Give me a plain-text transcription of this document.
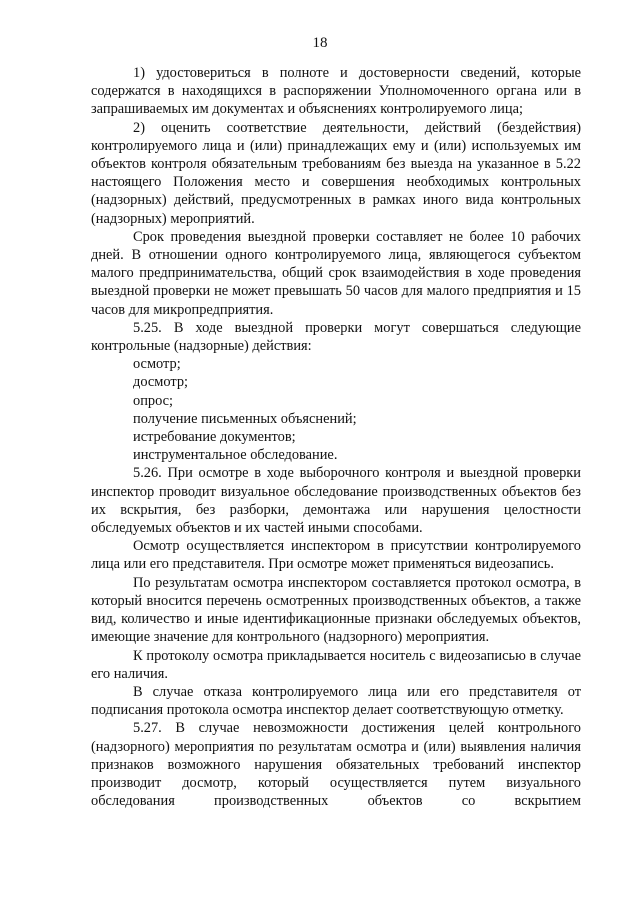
18

1) удостовериться в полноте и достоверности сведений, которые содержатся в находящихся в распоряжении Уполномоченного органа или в запрашиваемых им документах и объяснениях контролируемого лица;

2) оценить соответствие деятельности, действий (бездействия) контролируемого лица и (или) принадлежащих ему и (или) используемых им объектов контроля обязательным требованиям без выезда на указанное в 5.22 настоящего Положения место и совершения необходимых контрольных (надзорных) действий, предусмотренных в рамках иного вида контрольных (надзорных) мероприятий.

Срок проведения выездной проверки составляет не более 10 рабочих дней. В отношении одного контролируемого лица, являющегося субъектом малого предпринимательства, общий срок взаимодействия в ходе проведения выездной проверки не может превышать 50 часов для малого предприятия и 15 часов для микропредприятия.

5.25. В ходе выездной проверки могут совершаться следующие контрольные (надзорные) действия:

осмотр;

досмотр;

опрос;

получение письменных объяснений;

истребование документов;

инструментальное обследование.

5.26. При осмотре в ходе выборочного контроля и выездной проверки инспектор проводит визуальное обследование производственных объектов без их вскрытия, без разборки, демонтажа или нарушения целостности обследуемых объектов и их частей иными способами.

Осмотр осуществляется инспектором в присутствии контролируемого лица или его представителя. При осмотре может применяться видеозапись.

По результатам осмотра инспектором составляется протокол осмотра, в который вносится перечень осмотренных производственных объектов, а также вид, количество и иные идентификационные признаки обследуемых объектов, имеющие значение для контрольного (надзорного) мероприятия.

К протоколу осмотра прикладывается носитель с видеозаписью в случае его наличия.

В случае отказа контролируемого лица или его представителя от подписания протокола осмотра инспектор делает соответствующую отметку.

5.27. В случае невозможности достижения целей контрольного (надзорного) мероприятия по результатам осмотра и (или) выявления наличия признаков возможного нарушения обязательных требований инспектор производит досмотр, который осуществляется путем визуального обследования производственных объектов со вскрытием
